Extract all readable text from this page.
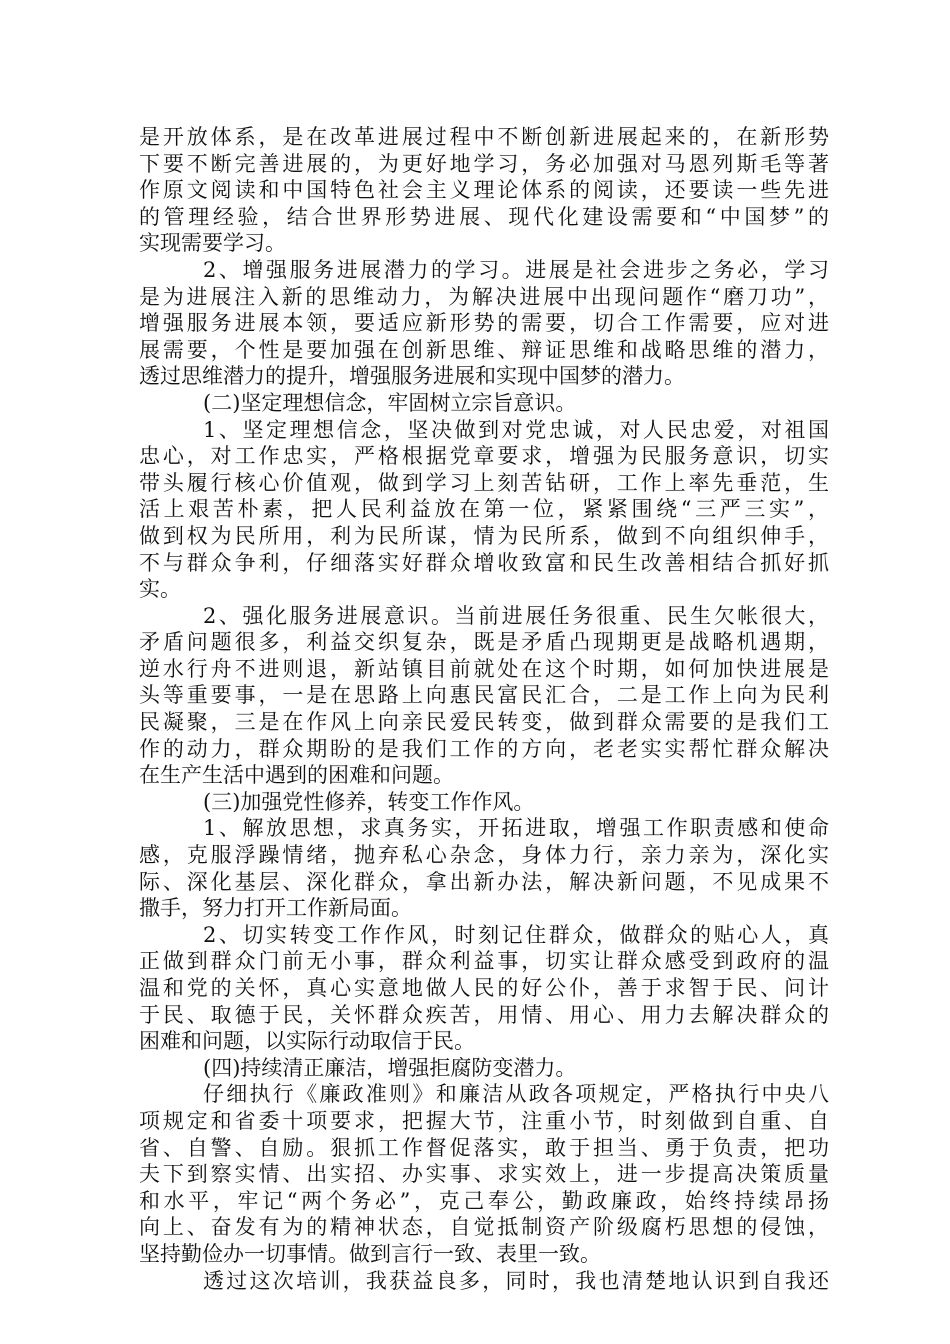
是开放体系，是在改革进展过程中不断创新进展起来的，在新形势
下要不断完善进展的，为更好地学习，务必加强对马恩列斯毛等著
作原文阅读和中国特色社会主义理论体系的阅读，还要读一些先进
的管理经验，结合世界形势进展、现代化建设需要和“中国梦”的
实现需要学习。
2、增强服务进展潜力的学习。进展是社会进步之务必，学习
是为进展注入新的思维动力，为解决进展中出现问题作“磨刀功”，
增强服务进展本领，要适应新形势的需要，切合工作需要，应对进
展需要，个性是要加强在创新思维、辩证思维和战略思维的潜力，
透过思维潜力的提升，增强服务进展和实现中国梦的潜力。
(二)坚定理想信念，牢固树立宗旨意识。
1、坚定理想信念，坚决做到对党忠诚，对人民忠爱，对祖国
忠心，对工作忠实，严格根据党章要求，增强为民服务意识，切实
带头履行核心价值观，做到学习上刻苦钻研，工作上率先垂范，生
活上艰苦朴素，把人民利益放在第一位，紧紧围绕“三严三实”，
做到权为民所用，利为民所谋，情为民所系，做到不向组织伸手，
不与群众争利，仔细落实好群众增收致富和民生改善相结合抓好抓
实。
2、强化服务进展意识。当前进展任务很重、民生欠帐很大，
矛盾问题很多，利益交织复杂，既是矛盾凸现期更是战略机遇期，
逆水行舟不进则退，新站镇目前就处在这个时期，如何加快进展是
头等重要事，一是在思路上向惠民富民汇合，二是工作上向为民利
民凝聚，三是在作风上向亲民爱民转变，做到群众需要的是我们工
作的动力，群众期盼的是我们工作的方向，老老实实帮忙群众解决
在生产生活中遇到的困难和问题。
(三)加强党性修养，转变工作作风。
1、解放思想，求真务实，开拓进取，增强工作职责感和使命
感，克服浮躁情绪，抛弃私心杂念，身体力行，亲力亲为，深化实
际、深化基层、深化群众，拿出新办法，解决新问题，不见成果不
撒手，努力打开工作新局面。
2、切实转变工作作风，时刻记住群众，做群众的贴心人，真
正做到群众门前无小事，群众利益事，切实让群众感受到政府的温
温和党的关怀，真心实意地做人民的好公仆，善于求智于民、问计
于民、取德于民，关怀群众疾苦，用情、用心、用力去解决群众的
困难和问题，以实际行动取信于民。
(四)持续清正廉洁，增强拒腐防变潜力。
仔细执行《廉政准则》和廉洁从政各项规定，严格执行中央八
项规定和省委十项要求，把握大节，注重小节，时刻做到自重、自
省、自警、自励。狠抓工作督促落实，敢于担当、勇于负责，把功
夫下到察实情、出实招、办实事、求实效上，进一步提高决策质量
和水平，牢记“两个务必”，克己奉公，勤政廉政，始终持续昂扬
向上、奋发有为的精神状态，自觉抵制资产阶级腐朽思想的侵蚀，
坚持勤俭办一切事情。做到言行一致、表里一致。
透过这次培训，我获益良多，同时，我也清楚地认识到自我还
